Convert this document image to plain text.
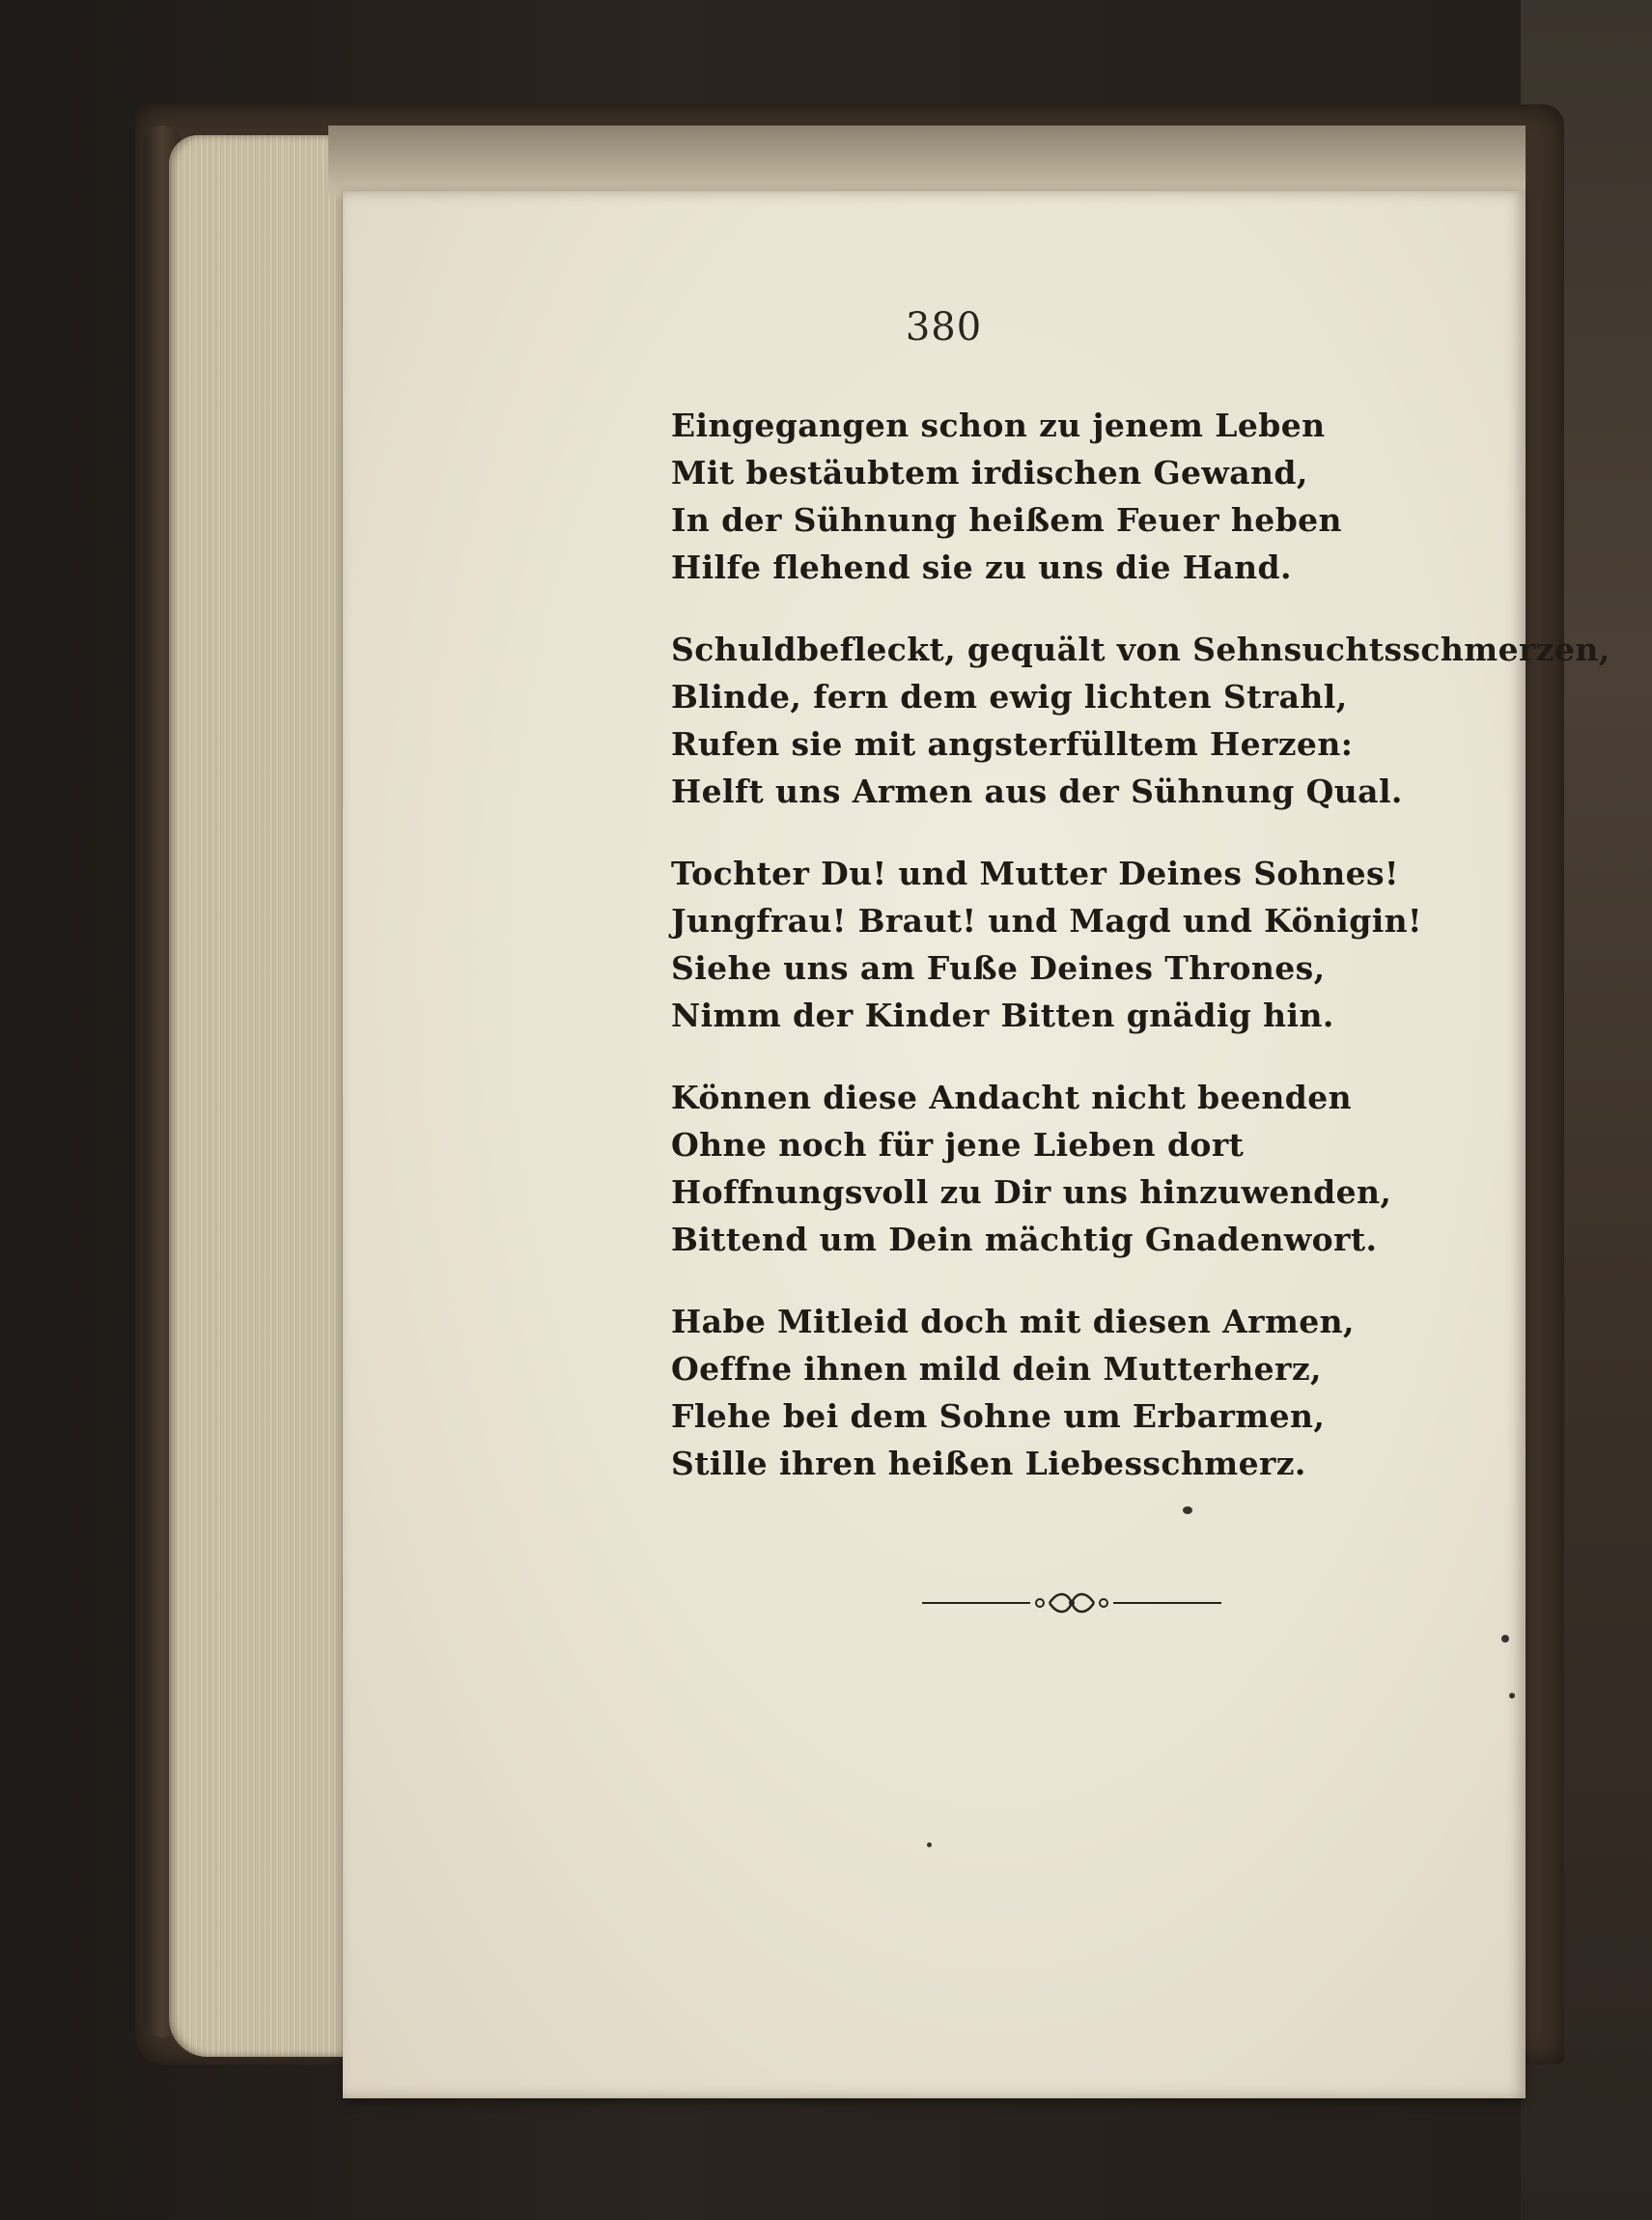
380
Eingegangen schon zu jenem Leben
Mit bestäubtem irdischen Gewand,
In der Sühnung heißem Feuer heben
Hilfe flehend sie zu uns die Hand.
Schuldbefleckt, gequält von Sehnsuchtsschmerzen,
Blinde, fern dem ewig lichten Strahl,
Rufen sie mit angsterfülltem Herzen:
Helft uns Armen aus der Sühnung Qual.
Tochter Du! und Mutter Deines Sohnes!
Jungfrau! Braut! und Magd und Königin!
Siehe uns am Fuße Deines Thrones,
Nimm der Kinder Bitten gnädig hin.
Können diese Andacht nicht beenden
Ohne noch für jene Lieben dort
Hoffnungsvoll zu Dir uns hinzuwenden,
Bittend um Dein mächtig Gnadenwort.
Habe Mitleid doch mit diesen Armen,
Oeffne ihnen mild dein Mutterherz,
Flehe bei dem Sohne um Erbarmen,
Stille ihren heißen Liebesschmerz.
